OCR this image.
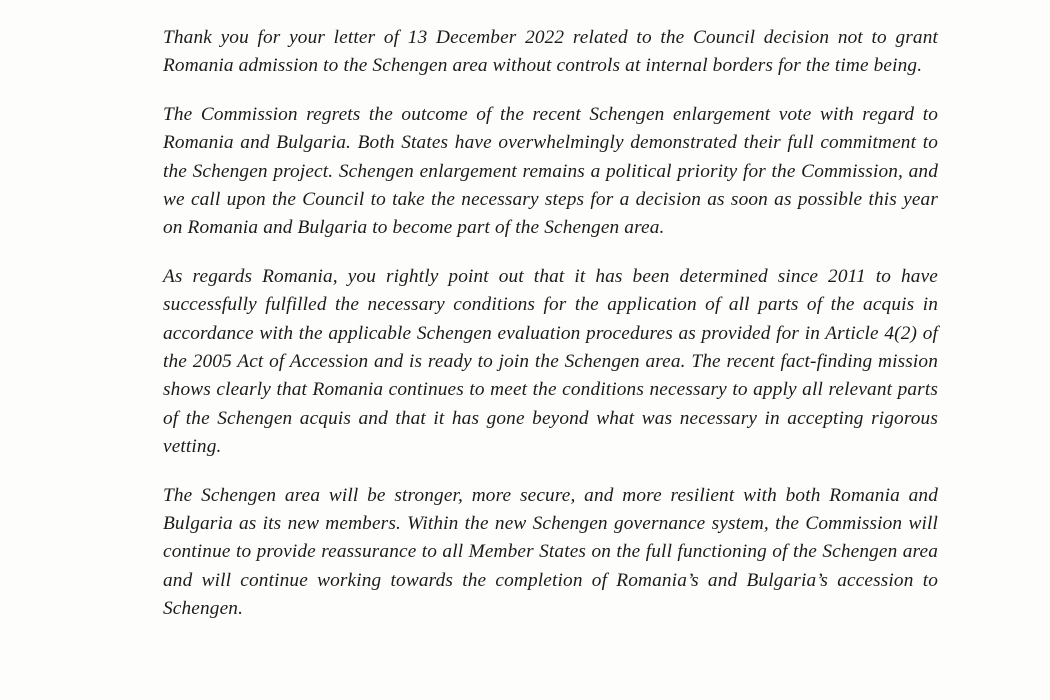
Thank you for your letter of 13 December 2022 related to the Council decision not to grant Romania admission to the Schengen area without controls at internal borders for the time being.

The Commission regrets the outcome of the recent Schengen enlargement vote with regard to Romania and Bulgaria. Both States have overwhelmingly demonstrated their full commitment to the Schengen project. Schengen enlargement remains a political priority for the Commission, and we call upon the Council to take the necessary steps for a decision as soon as possible this year on Romania and Bulgaria to become part of the Schengen area.

As regards Romania, you rightly point out that it has been determined since 2011 to have successfully fulfilled the necessary conditions for the application of all parts of the acquis in accordance with the applicable Schengen evaluation procedures as provided for in Article 4(2) of the 2005 Act of Accession and is ready to join the Schengen area. The recent fact-finding mission shows clearly that Romania continues to meet the conditions necessary to apply all relevant parts of the Schengen acquis and that it has gone beyond what was necessary in accepting rigorous vetting.

The Schengen area will be stronger, more secure, and more resilient with both Romania and Bulgaria as its new members. Within the new Schengen governance system, the Commission will continue to provide reassurance to all Member States on the full functioning of the Schengen area and will continue working towards the completion of Romania’s and Bulgaria’s accession to Schengen.
